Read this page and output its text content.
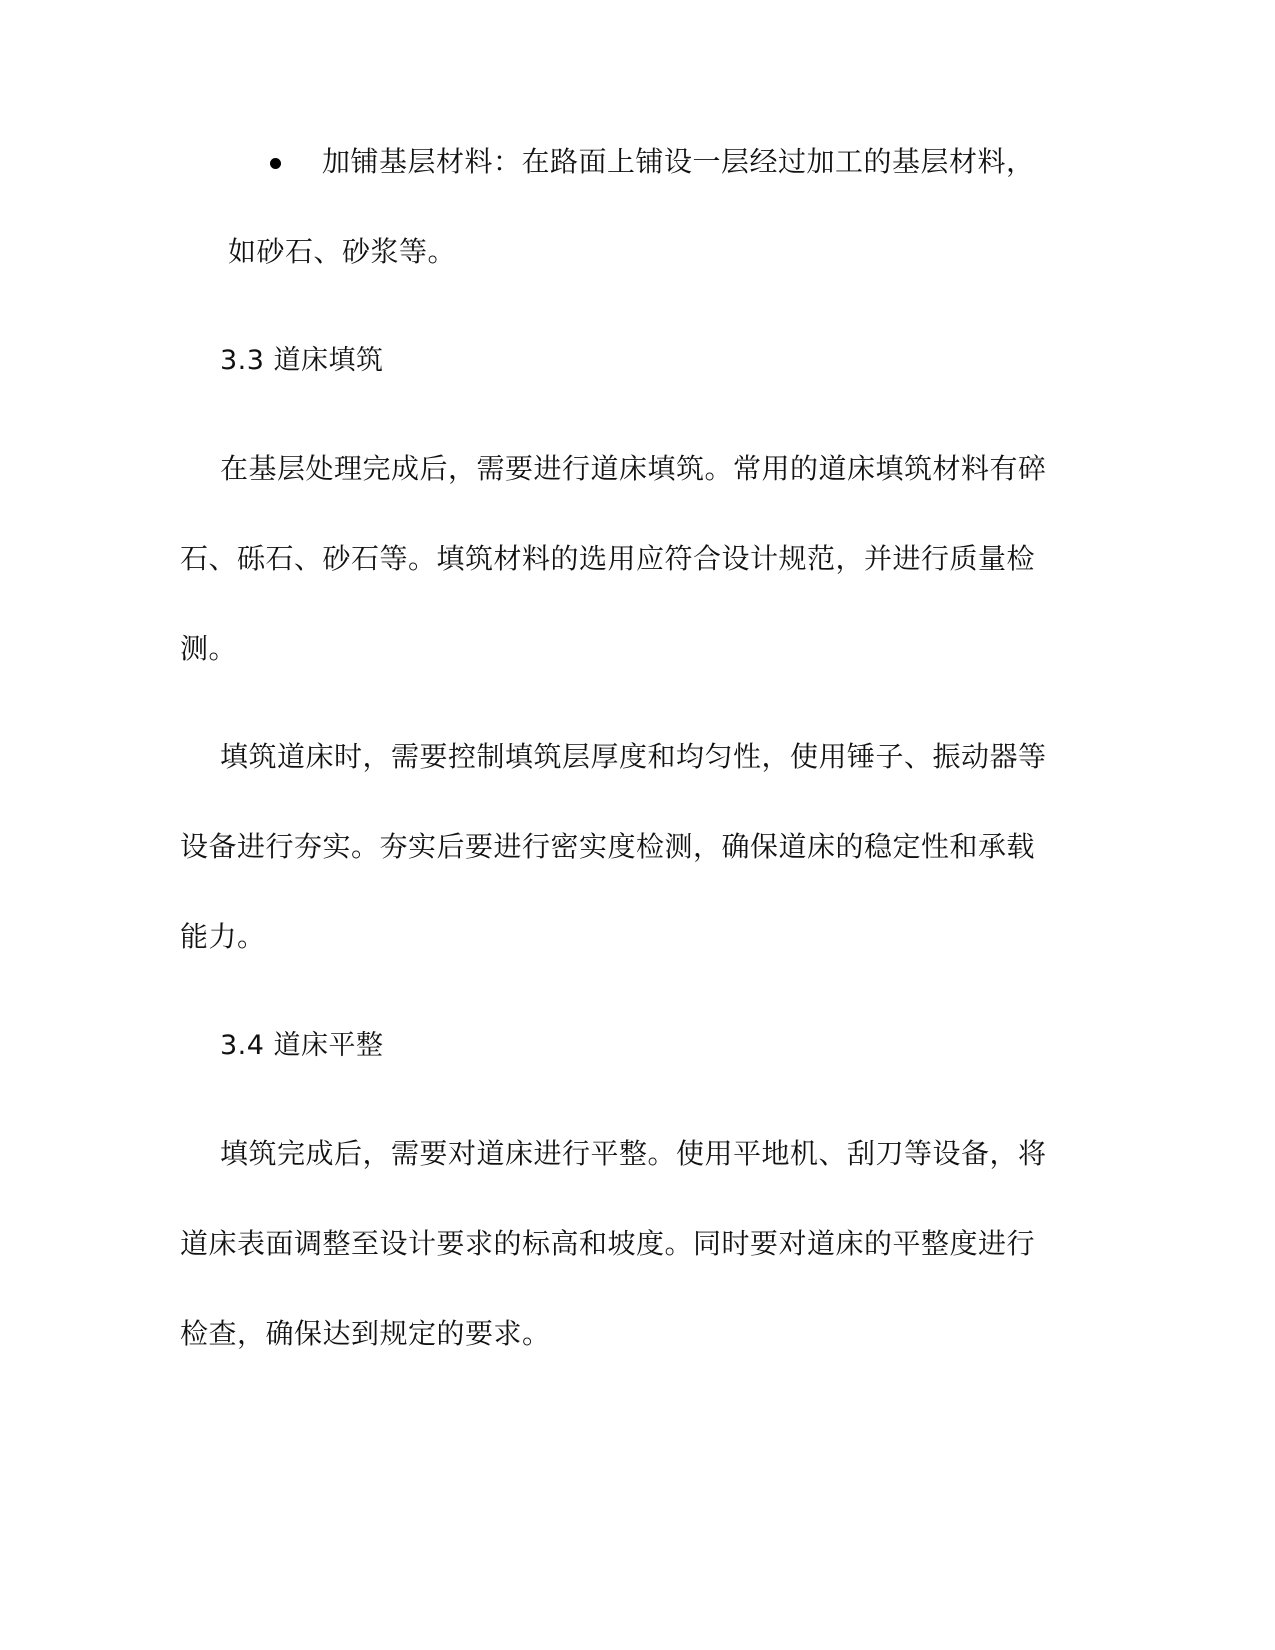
加铺基层材料：在路面上铺设一层经过加工的基层材料，
如砂石、砂浆等。
3.3 道床填筑
在基层处理完成后，需要进行道床填筑。常用的道床填筑材料有碎
石、砾石、砂石等。填筑材料的选用应符合设计规范，并进行质量检
测。
填筑道床时，需要控制填筑层厚度和均匀性，使用锤子、振动器等
设备进行夯实。夯实后要进行密实度检测，确保道床的稳定性和承载
能力。
3.4 道床平整
填筑完成后，需要对道床进行平整。使用平地机、刮刀等设备，将
道床表面调整至设计要求的标高和坡度。同时要对道床的平整度进行
检查，确保达到规定的要求。
